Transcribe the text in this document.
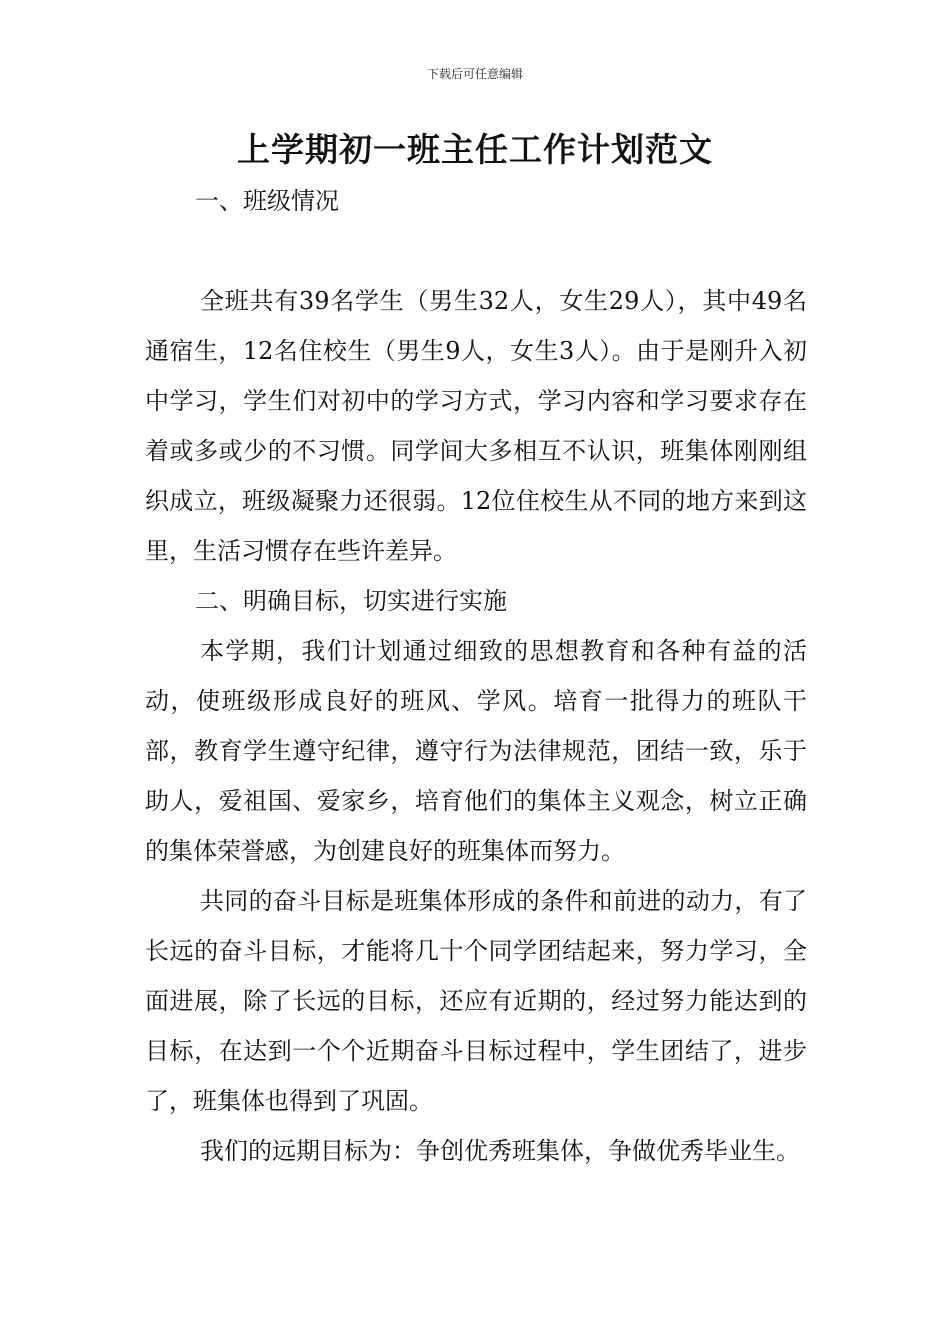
下载后可任意编辑
上学期初一班主任工作计划范文

一、班级情况

全班共有39名学生（男生32人，女生29人），其中49名通宿生，12名住校生（男生9人，女生3人）。由于是刚升入初中学习，学生们对初中的学习方式，学习内容和学习要求存在着或多或少的不习惯。同学间大多相互不认识，班集体刚刚组织成立，班级凝聚力还很弱。12位住校生从不同的地方来到这里，生活习惯存在些许差异。

二、明确目标，切实进行实施

本学期，我们计划通过细致的思想教育和各种有益的活动，使班级形成良好的班风、学风。培育一批得力的班队干部，教育学生遵守纪律，遵守行为法律规范，团结一致，乐于助人，爱祖国、爱家乡，培育他们的集体主义观念，树立正确的集体荣誉感，为创建良好的班集体而努力。

共同的奋斗目标是班集体形成的条件和前进的动力，有了长远的奋斗目标，才能将几十个同学团结起来，努力学习，全面进展，除了长远的目标，还应有近期的，经过努力能达到的目标，在达到一个个近期奋斗目标过程中，学生团结了，进步了，班集体也得到了巩固。

我们的远期目标为：争创优秀班集体，争做优秀毕业生。
